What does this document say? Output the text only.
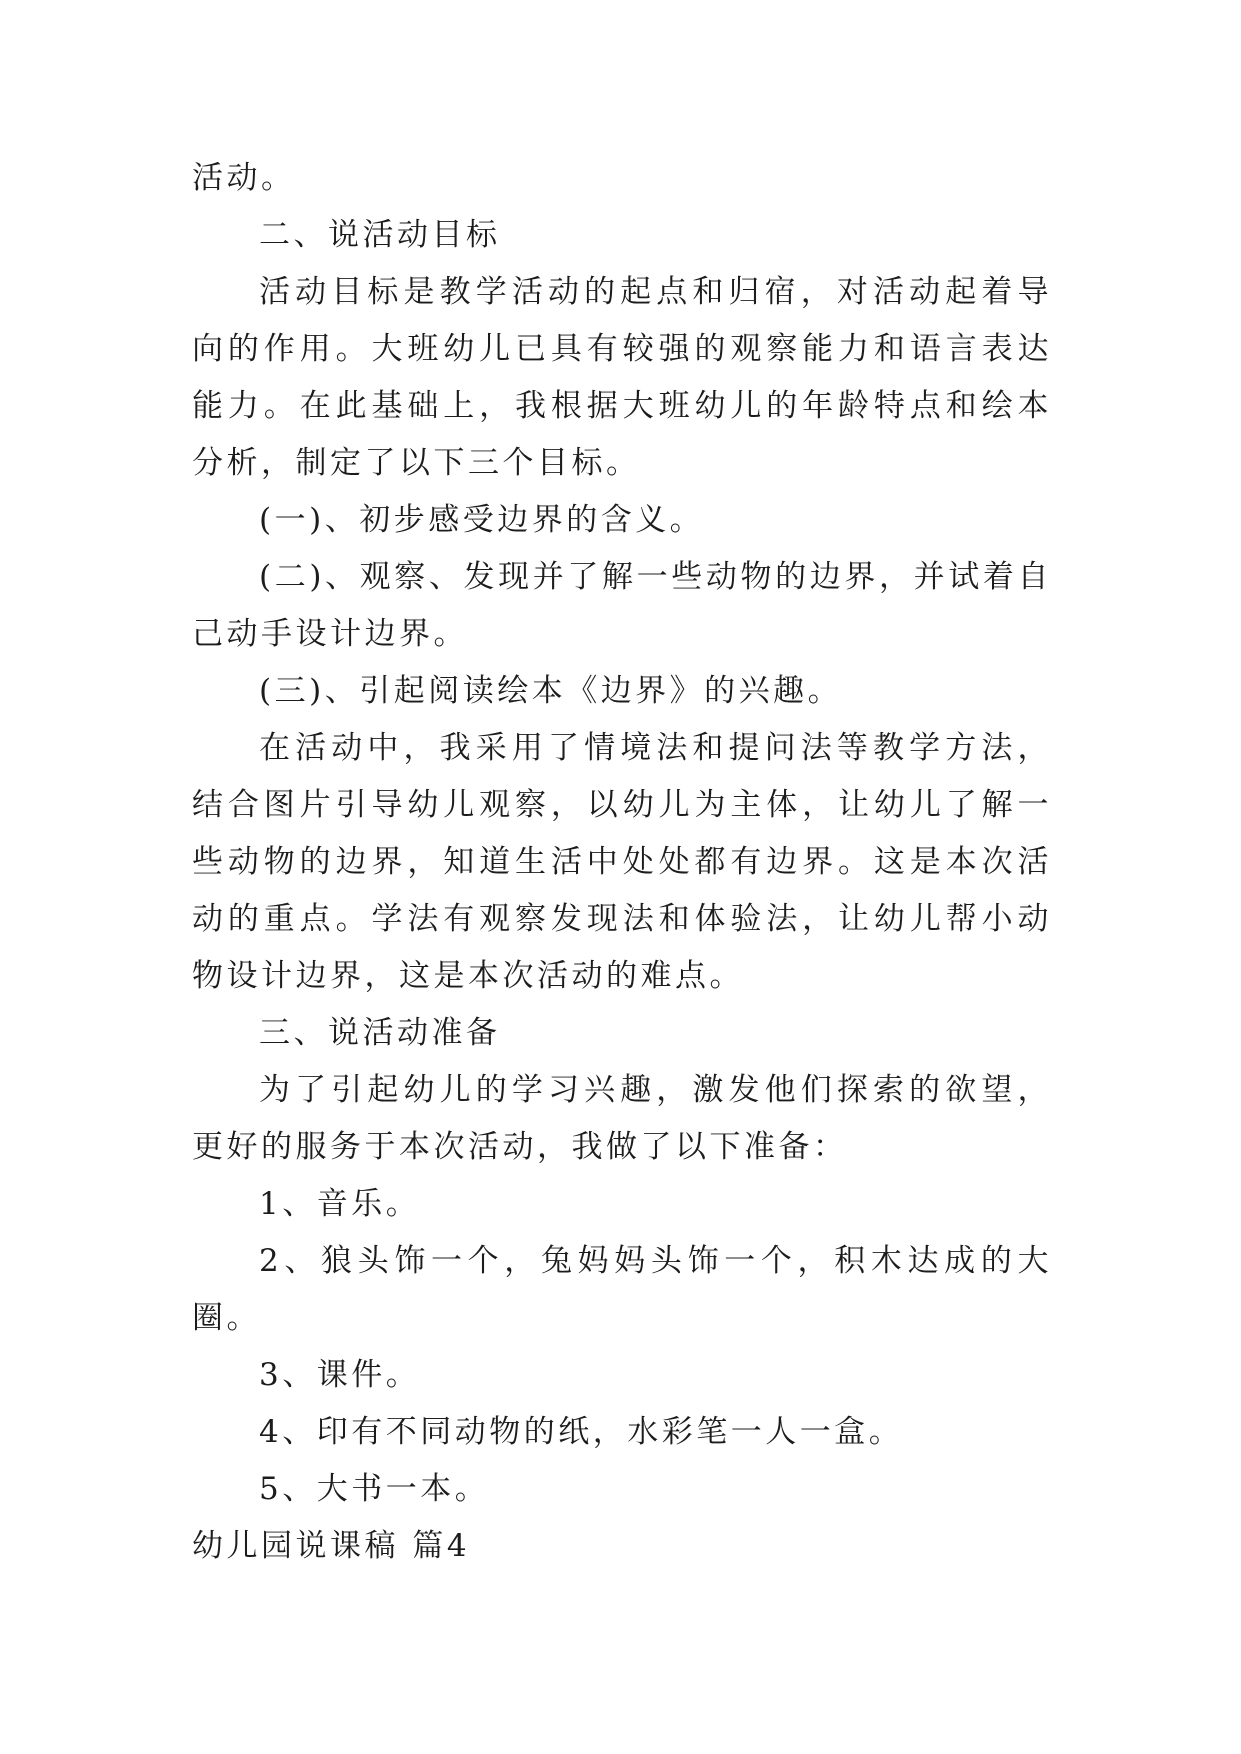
活动。

二、说活动目标

活动目标是教学活动的起点和归宿，对活动起着导向的作用。大班幼儿已具有较强的观察能力和语言表达能力。在此基础上，我根据大班幼儿的年龄特点和绘本分析，制定了以下三个目标。

(一)、初步感受边界的含义。

(二)、观察、发现并了解一些动物的边界，并试着自己动手设计边界。

(三)、引起阅读绘本《边界》的兴趣。

在活动中，我采用了情境法和提问法等教学方法，结合图片引导幼儿观察，以幼儿为主体，让幼儿了解一些动物的边界，知道生活中处处都有边界。这是本次活动的重点。学法有观察发现法和体验法，让幼儿帮小动物设计边界，这是本次活动的难点。

三、说活动准备

为了引起幼儿的学习兴趣，激发他们探索的欲望，更好的服务于本次活动，我做了以下准备：

1、音乐。

2、狼头饰一个，兔妈妈头饰一个，积木达成的大圈。

3、课件。

4、印有不同动物的纸，水彩笔一人一盒。

5、大书一本。

幼儿园说课稿 篇4
